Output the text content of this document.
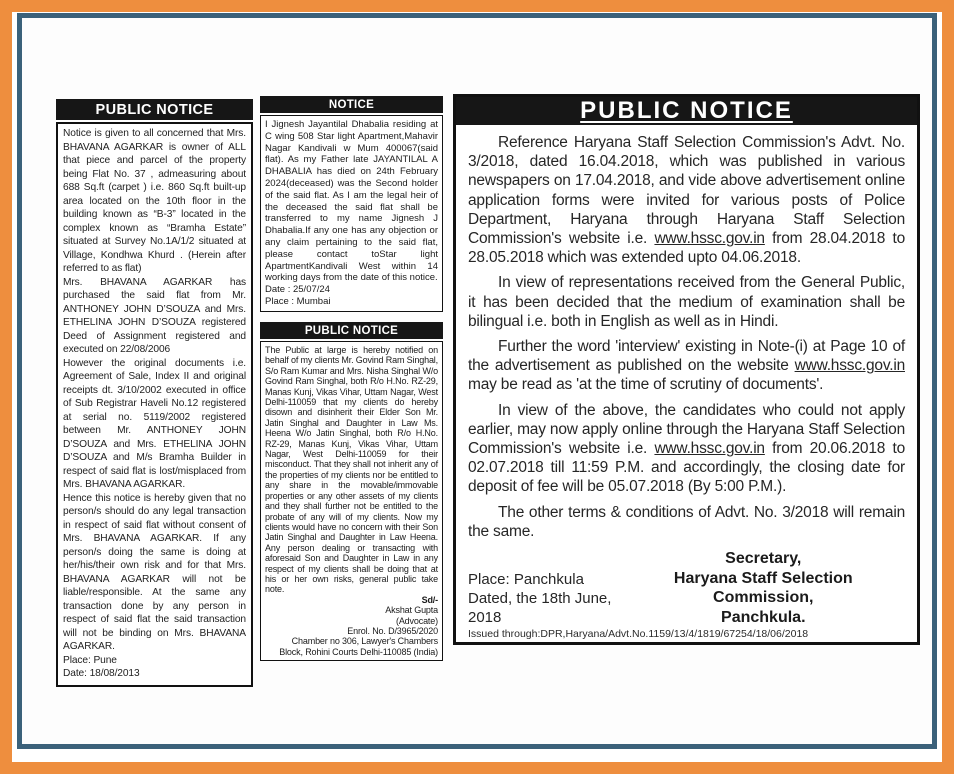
PUBLIC NOTICE

Notice is given to all concerned that Mrs. BHAVANA AGARKAR is owner of ALL that piece and parcel of the property being Flat No. 37 , admeasuring about 688 Sq.ft (carpet ) i.e. 860 Sq.ft built-up area located on the 10th floor in the building known as “B-3” located in the complex known as “Bramha Estate” situated at Survey No.1A/1/2 situated at Village, Kondhwa Khurd . (Herein after referred to as flat)

Mrs. BHAVANA AGARKAR has purchased the said flat from Mr. ANTHONEY JOHN D’SOUZA and Mrs. ETHELINA JOHN D’SOUZA registered Deed of Assignment registered and executed on 22/08/2006

However the original documents i.e. Agreement of Sale, Index II and original receipts dt. 3/10/2002 executed in office of Sub Registrar Haveli No.12 registered at serial no. 5119/2002 registered between Mr. ANTHONEY JOHN D’SOUZA and Mrs. ETHELINA JOHN D’SOUZA and M/s Bramha Builder in respect of said flat is lost/misplaced from Mrs. BHAVANA AGARKAR.

Hence this notice is hereby given that no person/s should do any legal transaction in respect of said flat without consent of Mrs. BHAVANA AGARKAR. If any person/s doing the same is doing at her/his/their own risk and for that Mrs. BHAVANA AGARKAR will not be liable/responsible. At the same any transaction done by any person in respect of said flat the said transaction will not be binding on Mrs. BHAVANA AGARKAR.

Place: Pune

Date: 18/08/2013

NOTICE

I Jignesh Jayantilal Dhabalia residing at C wing 508 Star light Apartment,Mahavir Nagar Kandivali w Mum 400067(said flat). As my Father late JAYANTILAL A DHABALIA has died on 24th February 2024(deceased) was the Second holder of the said flat. As I am the legal heir of the deceased the said flat shall be transferred to my name Jignesh J Dhabalia.If any one has any objection or any claim pertaining to the said flat, please contact toStar light ApartmentKandivali West within 14 working days from the date of this notice.

Date : 25/07/24

Place : Mumbai

PUBLIC NOTICE

The Public at large is hereby notified on behalf of my clients Mr. Govind Ram Singhal, S/o Ram Kumar and Mrs. Nisha Singhal W/o Govind Ram Singhal, both R/o H.No. RZ-29, Manas Kunj, Vikas Vihar, Uttam Nagar, West Delhi-110059 that my clients do hereby disown and disinherit their Elder Son Mr. Jatin Singhal and Daughter in Law Ms. Heena W/o Jatin Singhal, both R/o H.No. RZ-29, Manas Kunj, Vikas Vihar, Uttam Nagar, West Delhi-110059 for their misconduct. That they shall not inherit any of the properties of my clients nor be entitled to any share in the movable/immovable properties or any other assets of my clients and they shall further not be entitled to the probate of any will of my clients. Now my clients would have no concern with their Son Jatin Singhal and Daughter in Law Heena. Any person dealing or transacting with aforesaid Son and Daughter in Law in any respect of my clients shall be doing that at his or her own risks, general public take note.

Sd/-

Akshat Gupta

(Advocate)

Enrol. No. D/3965/2020

Chamber no 306, Lawyer's Chambers

Block, Rohini Courts Delhi-110085 (India)

PUBLIC NOTICE

Reference Haryana Staff Selection Commission's Advt. No. 3/2018, dated 16.04.2018, which was published in various newspapers on 17.04.2018, and vide above advertisement online application forms were invited for various posts of Police Department, Haryana through Haryana Staff Selection Commission's website i.e. www.hssc.gov.in from 28.04.2018 to 28.05.2018 which was extended upto 04.06.2018.

In view of representations received from the General Public, it has been decided that the medium of examination shall be bilingual i.e. both in English as well as in Hindi.

Further the word 'interview' existing in Note-(i) at Page 10 of the advertisement as published on the website www.hssc.gov.in may be read as 'at the time of scrutiny of documents'.

In view of the above, the candidates who could not apply earlier, may now apply online through the Haryana Staff Selection Commission's website i.e. www.hssc.gov.in from 20.06.2018 to 02.07.2018 till 11:59 P.M. and accordingly, the closing date for deposit of fee will be 05.07.2018 (By 5:00 P.M.).

The other terms & conditions of Advt. No. 3/2018 will remain the same.

Place: Panchkula
Dated, the 18th June, 2018
Secretary,
Haryana Staff Selection Commission,
Panchkula.
Issued through:DPR,Haryana/Advt.No.1159/13/4/1819/67254/18/06/2018
